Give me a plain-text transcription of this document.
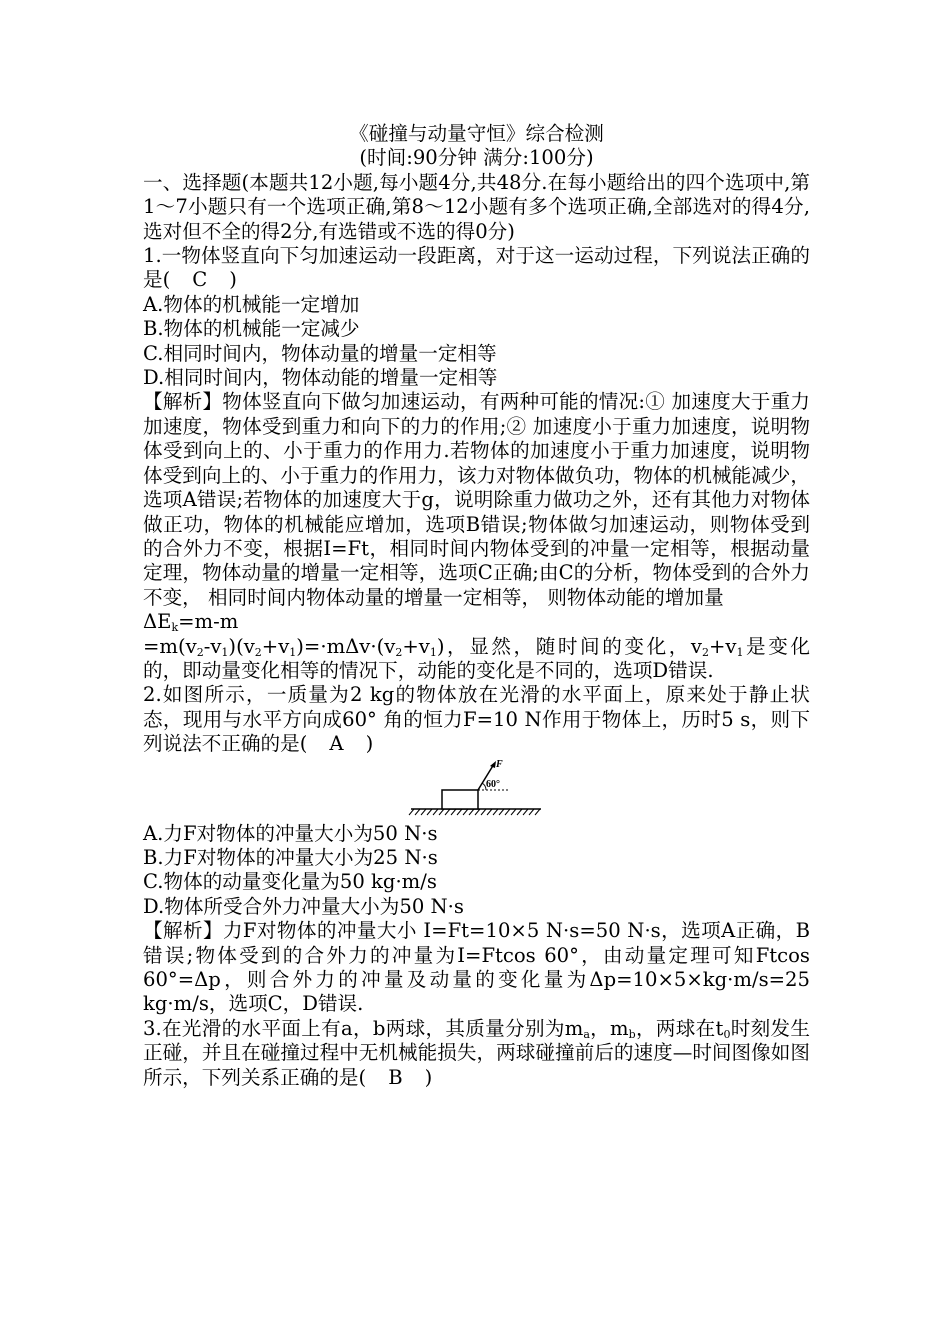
《碰撞与动量守恒》综合检测

(时间:90分钟 满分:100分)

一、选择题(本题共12小题,每小题4分,共48分.在每小题给出的四个选项中,第1～7小题只有一个选项正确,第8～12小题有多个选项正确,全部选对的得4分,选对但不全的得2分,有选错或不选的得0分)

1.一物体竖直向下匀加速运动一段距离，对于这一运动过程，下列说法正确的是( C )

A.物体的机械能一定增加

B.物体的机械能一定减少

C.相同时间内，物体动量的增量一定相等

D.相同时间内，物体动能的增量一定相等

【解析】物体竖直向下做匀加速运动，有两种可能的情况:① 加速度大于重力加速度，物体受到重力和向下的力的作用;② 加速度小于重力加速度，说明物体受到向上的、小于重力的作用力.若物体的加速度小于重力加速度，说明物体受到向上的、小于重力的作用力，该力对物体做负功，物体的机械能减少，选项A错误;若物体的加速度大于g，说明除重力做功之外，还有其他力对物体做正功，物体的机械能应增加，选项B错误;物体做匀加速运动，则物体受到的合外力不变，根据I=Ft，相同时间内物体受到的冲量一定相等，根据动量定理，物体动量的增量一定相等，选项C正确;由C的分析，物体受到的合外力不变， 相同时间内物体动量的增量一定相等， 则物体动能的增加量

$\Delta E_k=m-m$

$=m(v_2-v_1)(v_2+v_1)=\cdot m\Delta v\cdot(v_2+v_1)$，显然，随时间的变化，$v_2+v_1$是变化的，即动量变化相等的情况下，动能的变化是不同的，选项D错误.

2.如图所示，一质量为2 kg的物体放在光滑的水平面上，原来处于静止状态，现用与水平方向成60° 角的恒力F=10 N作用于物体上，历时5 s，则下列说法不正确的是( A )

F
60°

A.力F对物体的冲量大小为50 N·s

B.力F对物体的冲量大小为25 N·s

C.物体的动量变化量为50 kg·m/s

D.物体所受合外力冲量大小为50 N·s

【解析】力F对物体的冲量大小 I=Ft=10×5 N·s=50 N·s，选项A正确，B错误;物体受到的合外力的冲量为I=Ftcos 60°，由动量定理可知Ftcos 60°=Δp，则合外力的冲量及动量的变化量为Δp=10×5×kg·m/s=25 kg·m/s，选项C，D错误.

3.在光滑的水平面上有a，b两球，其质量分别为$m_a$，$m_b$，两球在$t_0$时刻发生正碰，并且在碰撞过程中无机械能损失，两球碰撞前后的速度—时间图像如图所示，下列关系正确的是( B )
